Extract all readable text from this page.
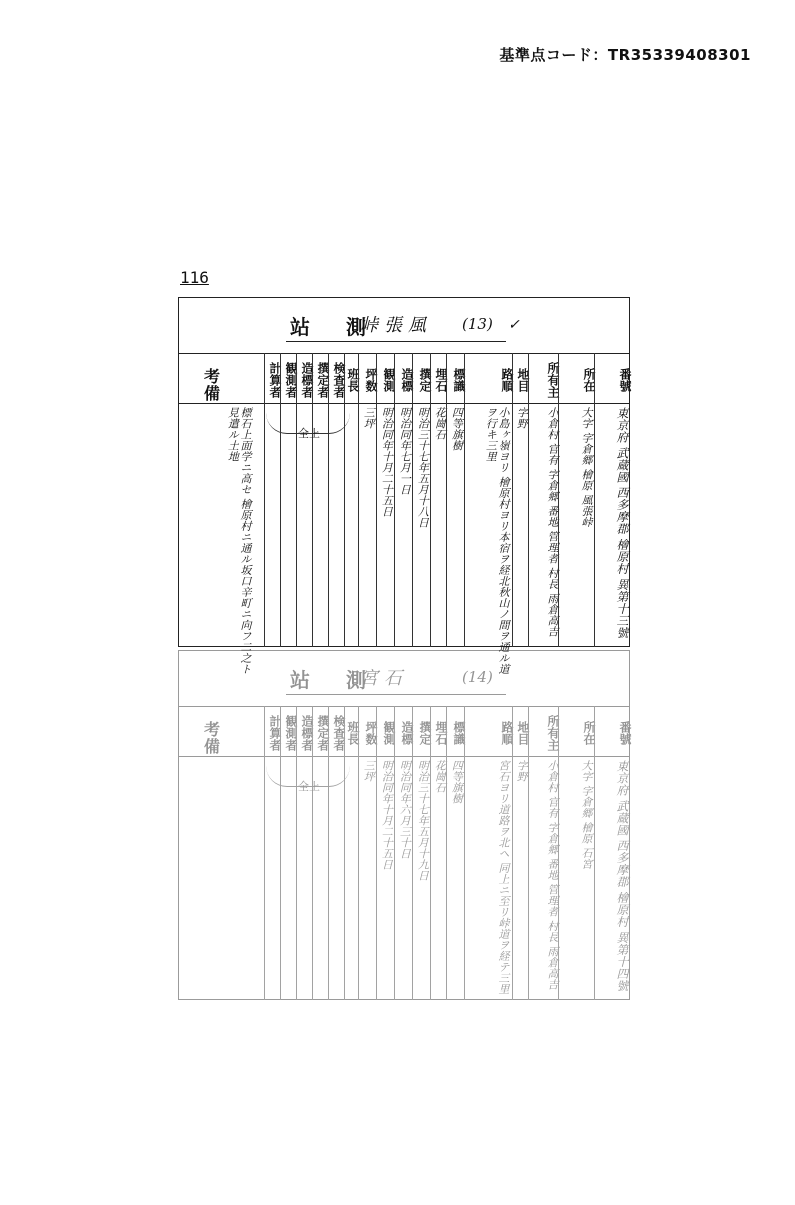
基準点コード：TR35339408301
116
站　測
峠張風 (13) ✓
考　備
標石上面学ニ高セ 檜原村ニ通ル坂口辛町ニ向フ二之ト見遣ル土地
計算者 観測者 造標者 撰定者 検査者 班長
全上
坪数
三坪
観測
明治同年十月二十五日
造標
明治同年七月一日
撰定
明治三十七年五月十八日
埋石
花崗石
標識
四等旗樹
路順
小島ヶ嶺ヨリ 檜原村ヨリ本宿ヲ経北秋山ノ間ヲ通ル道ヲ行キ三里
地目
字野
所有主
小倉村 官有 字倉郷 番地 管理者 村長 雨倉高吉
所在
大字 字倉郷 檜原 風張峠
番號
東京府 武蔵國 西多摩郡 檜原村 異第十三號
站　測
宮石	(14)
考　備	計算者 観測者 造標者 撰定者 検査者 班長
全上
坪数
三坪
観測
明治同年十月二十五日
造標
明治同年六月三十日
撰定
明治三十七年五月十九日
埋石
花崗石
標識
四等旗樹
路順
宮石ヨリ道路ヲ北ヘ 同上ニ至リ峠道ヲ経テ三里
地目
字野
所有主
小倉村 官有 字倉郷 番地 管理者 村長 雨倉高吉
所在
大字 字倉郷 檜原 石宮
番號
東京府 武蔵國 西多摩郡 檜原村 異第十四號
